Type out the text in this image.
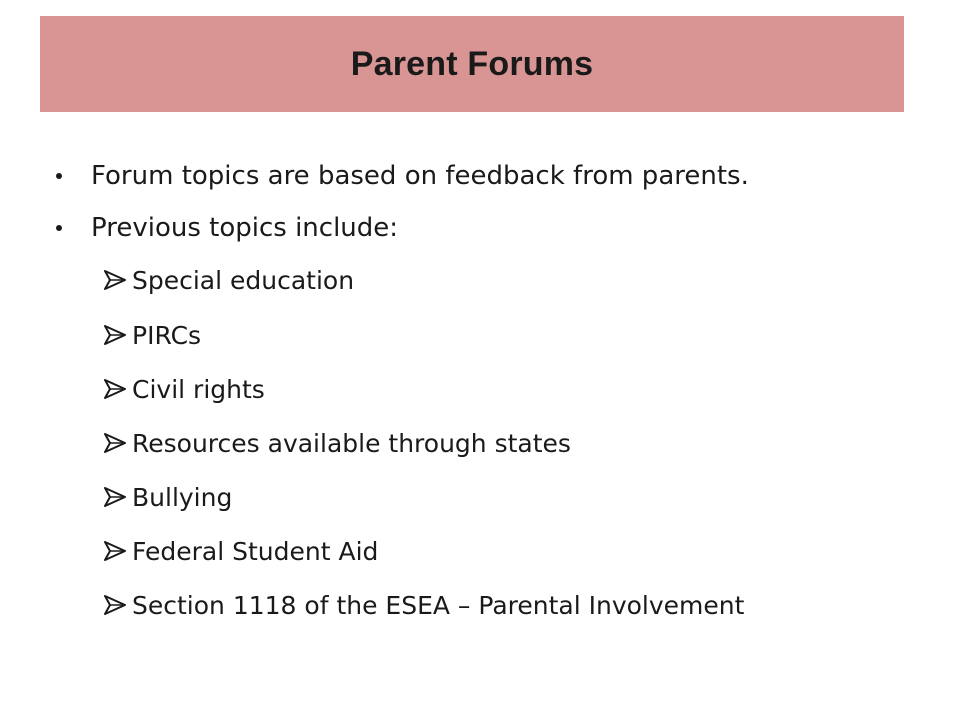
Parent Forums
Forum topics are based on feedback from parents.
Previous topics include:
Special education
PIRCs
Civil rights
Resources available through states
Bullying
Federal Student Aid
Section 1118 of the ESEA – Parental Involvement
